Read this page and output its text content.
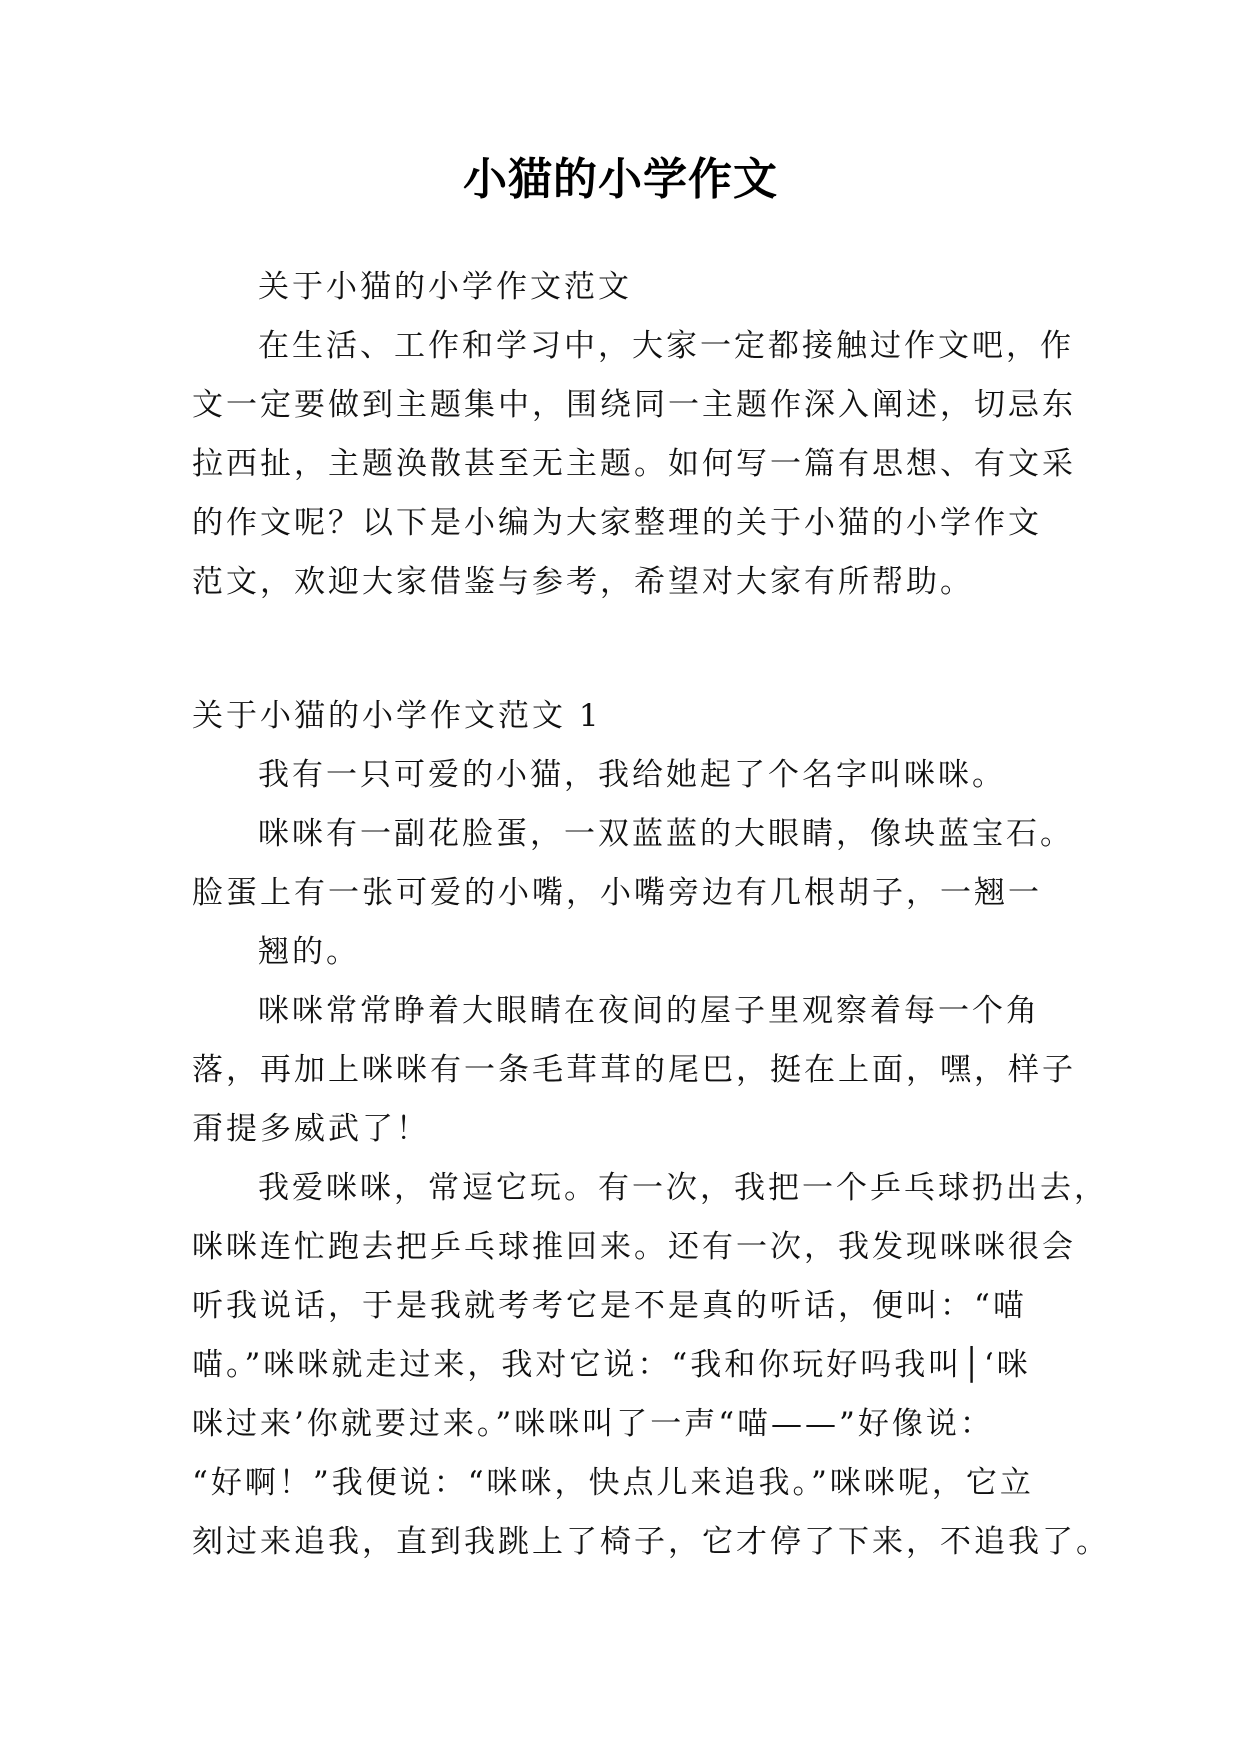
小猫的小学作文
关于小猫的小学作文范文
在生活、工作和学习中，大家一定都接触过作文吧，作
文一定要做到主题集中，围绕同一主题作深入阐述，切忌东
拉西扯，主题涣散甚至无主题。如何写一篇有思想、有文采
的作文呢？以下是小编为大家整理的关于小猫的小学作文
范文，欢迎大家借鉴与参考，希望对大家有所帮助。
关于小猫的小学作文范文 1
我有一只可爱的小猫，我给她起了个名字叫咪咪。
咪咪有一副花脸蛋，一双蓝蓝的大眼睛，像块蓝宝石。
脸蛋上有一张可爱的小嘴，小嘴旁边有几根胡子，一翘一
翘的。
咪咪常常睁着大眼睛在夜间的屋子里观察着每一个角
落，再加上咪咪有一条毛茸茸的尾巴，挺在上面，嘿，样子
甭提多威武了！
我爱咪咪，常逗它玩。有一次，我把一个乒乓球扔出去，
咪咪连忙跑去把乒乓球推回来。还有一次，我发现咪咪很会
听我说话，于是我就考考它是不是真的听话，便叫：“喵
喵。”咪咪就走过来，我对它说：“我和你玩好吗我叫│‘咪
咪过来’你就要过来。”咪咪叫了一声“喵——”好像说：
“好啊！”我便说：“咪咪，快点儿来追我。”咪咪呢，它立
刻过来追我，直到我跳上了椅子，它才停了下来，不追我了。
